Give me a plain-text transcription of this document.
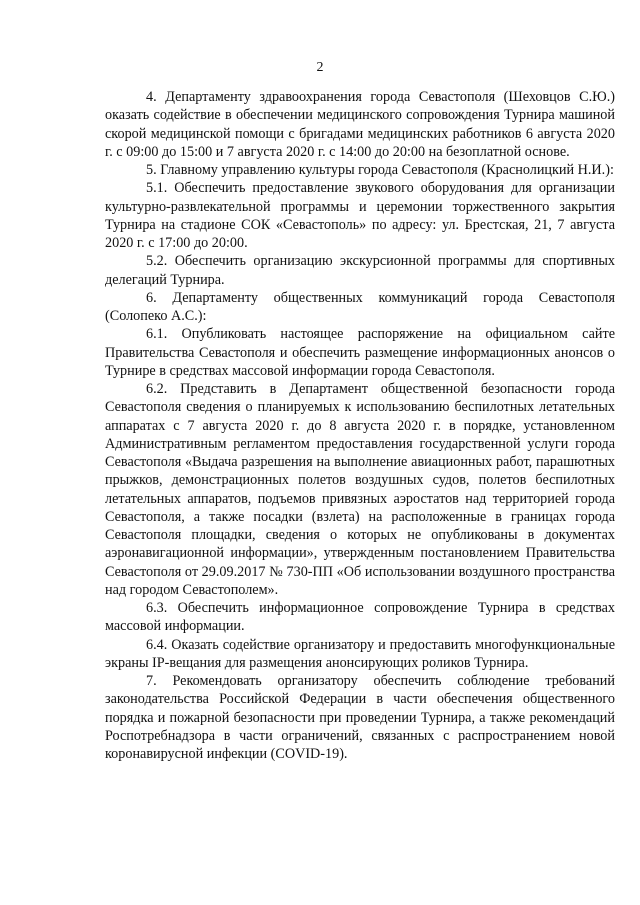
2

4. Департаменту здравоохранения города Севастополя (Шеховцов С.Ю.) оказать содействие в обеспечении медицинского сопровождения Турнира машиной скорой медицинской помощи с бригадами медицинских работников 6 августа 2020 г. с 09:00 до 15:00 и 7 августа 2020 г. с 14:00 до 20:00 на безоплатной основе.

5. Главному управлению культуры города Севастополя (Краснолицкий Н.И.):

5.1. Обеспечить предоставление звукового оборудования для организации культурно-развлекательной программы и церемонии торжественного закрытия Турнира на стадионе СОК «Севастополь» по адресу: ул. Брестская, 21, 7 августа 2020 г. с 17:00 до 20:00.

5.2. Обеспечить организацию экскурсионной программы для спортивных делегаций Турнира.

6. Департаменту общественных коммуникаций города Севастополя (Солопеко А.С.):

6.1. Опубликовать настоящее распоряжение на официальном сайте Правительства Севастополя и обеспечить размещение информационных анонсов о Турнире в средствах массовой информации города Севастополя.

6.2. Представить в Департамент общественной безопасности города Севастополя сведения о планируемых к использованию беспилотных летательных аппаратах с 7 августа 2020 г. до 8 августа 2020 г. в порядке, установленном Административным регламентом предоставления государственной услуги города Севастополя «Выдача разрешения на выполнение авиационных работ, парашютных прыжков, демонстрационных полетов воздушных судов, полетов беспилотных летательных аппаратов, подъемов привязных аэростатов над территорией города Севастополя, а также посадки (взлета) на расположенные в границах города Севастополя площадки, сведения о которых не опубликованы в документах аэронавигационной информации», утвержденным постановлением Правительства Севастополя от 29.09.2017 № 730-ПП «Об использовании воздушного пространства над городом Севастополем».

6.3. Обеспечить информационное сопровождение Турнира в средствах массовой информации.

6.4. Оказать содействие организатору и предоставить многофункциональные экраны IP-вещания для размещения анонсирующих роликов Турнира.

7. Рекомендовать организатору обеспечить соблюдение требований законодательства Российской Федерации в части обеспечения общественного порядка и пожарной безопасности при проведении Турнира, а также рекомендаций Роспотребнадзора в части ограничений, связанных с распространением новой коронавирусной инфекции (COVID-19).
